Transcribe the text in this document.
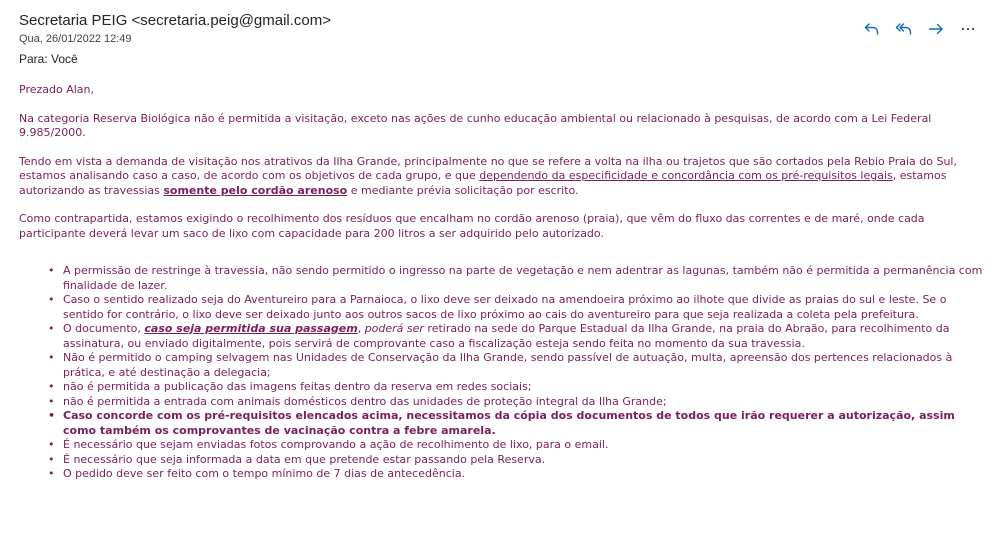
Secretaria PEIG <secretaria.peig@gmail.com>
Qua, 26/01/2022 12:49
Para: Você

Prezado Alan,

Na categoria Reserva Biológica não é permitida a visitação, exceto nas ações de cunho educação ambiental ou relacionado à pesquisas, de acordo com a Lei Federal 9.985/2000.

Tendo em vista a demanda de visitação nos atrativos da Ilha Grande, principalmente no que se refere a volta na ilha ou trajetos que são cortados pela Rebio Praia do Sul, estamos analisando caso a caso, de acordo com os objetivos de cada grupo, e que dependendo da especificidade e concordância com os pré-requisitos legais, estamos autorizando as travessias somente pelo cordão arenoso e mediante prévia solicitação por escrito.

Como contrapartida, estamos exigindo o recolhimento dos resíduos que encalham no cordão arenoso (praia), que vêm do fluxo das correntes e de maré, onde cada participante deverá levar um saco de lixo com capacidade para 200 litros a ser adquirido pelo autorizado.

• A permissão de restringe à travessia, não sendo permitido o ingresso na parte de vegetação e nem adentrar as lagunas, também não é permitida a permanência com finalidade de lazer.
• Caso o sentido realizado seja do Aventureiro para a Parnaioca, o lixo deve ser deixado na amendoeira próximo ao ilhote que divide as praias do sul e leste. Se o sentido for contrário, o lixo deve ser deixado junto aos outros sacos de lixo próximo ao cais do aventureiro para que seja realizada a coleta pela prefeitura.
• O documento, caso seja permitida sua passagem, poderá ser retirado na sede do Parque Estadual da Ilha Grande, na praia do Abraão, para recolhimento da assinatura, ou enviado digitalmente, pois servirá de comprovante caso a fiscalização esteja sendo feita no momento da sua travessia.
• Não é permitido o camping selvagem nas Unidades de Conservação da Ilha Grande, sendo passível de autuação, multa, apreensão dos pertences relacionados à prática, e até destinação a delegacia;
• não é permitida a publicação das imagens feitas dentro da reserva em redes sociais;
• não é permitida a entrada com animais domésticos dentro das unidades de proteção integral da Ilha Grande;
• Caso concorde com os pré-requisitos elencados acima, necessitamos da cópia dos documentos de todos que irão requerer a autorização, assim como também os comprovantes de vacinação contra a febre amarela.
• É necessário que sejam enviadas fotos comprovando a ação de recolhimento de lixo, para o email.
• É necessário que seja informada a data em que pretende estar passando pela Reserva.
• O pedido deve ser feito com o tempo mínimo de 7 dias de antecedência.
